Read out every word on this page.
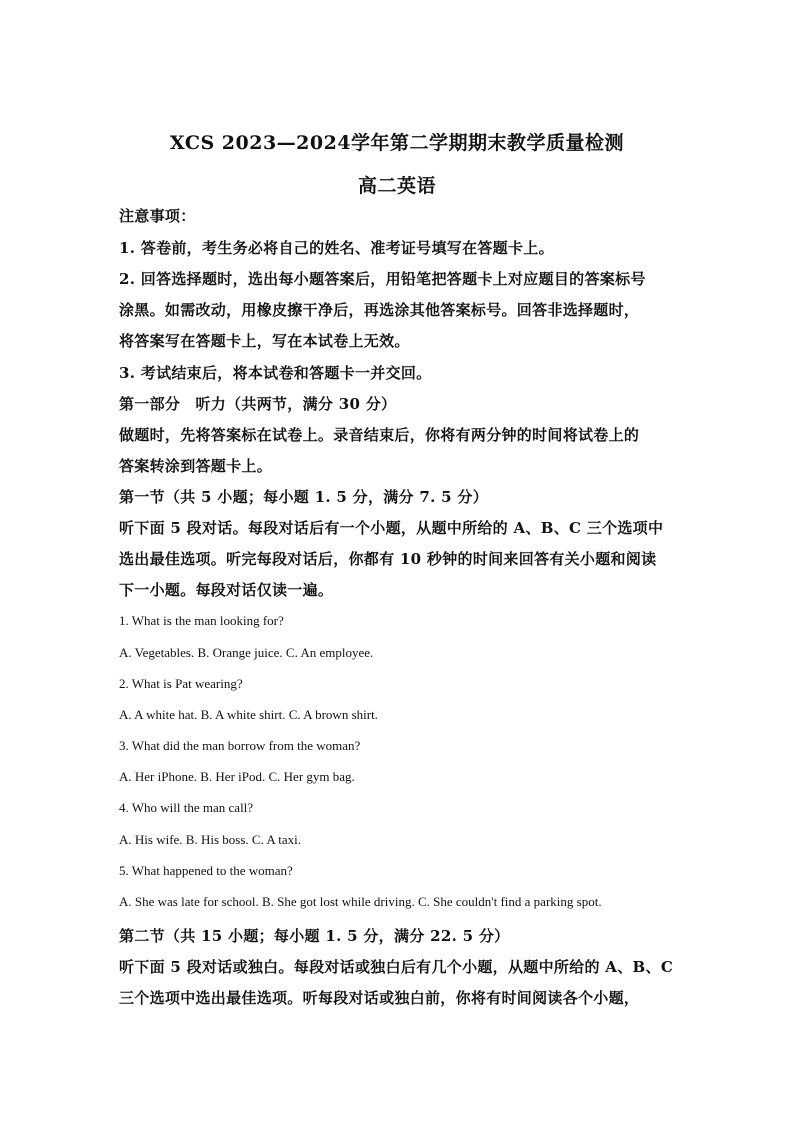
XCS 2023—2024学年第二学期期末教学质量检测
高二英语
注意事项：
1. 答卷前，考生务必将自己的姓名、准考证号填写在答题卡上。
2. 回答选择题时，选出每小题答案后，用铅笔把答题卡上对应题目的答案标号
涂黑。如需改动，用橡皮擦干净后，再选涂其他答案标号。回答非选择题时，
将答案写在答题卡上，写在本试卷上无效。
3. 考试结束后，将本试卷和答题卡一并交回。
第一部分　听力（共两节，满分 30 分）
做题时，先将答案标在试卷上。录音结束后，你将有两分钟的时间将试卷上的
答案转涂到答题卡上。
第一节（共 5 小题；每小题 1. 5 分，满分 7. 5 分）
听下面 5 段对话。每段对话后有一个小题，从题中所给的 A、B、C 三个选项中
选出最佳选项。听完每段对话后，你都有 10 秒钟的时间来回答有关小题和阅读
下一小题。每段对话仅读一遍。
1. What is the man looking for?
A. Vegetables. B. Orange juice. C. An employee.
2. What is Pat wearing?
A. A white hat. B. A white shirt. C. A brown shirt.
3. What did the man borrow from the woman?
A. Her iPhone. B. Her iPod. C. Her gym bag.
4. Who will the man call?
A. His wife. B. His boss. C. A taxi.
5. What happened to the woman?
A. She was late for school. B. She got lost while driving. C. She couldn't find a parking spot.
第二节（共 15 小题；每小题 1. 5 分，满分 22. 5 分）
听下面 5 段对话或独白。每段对话或独白后有几个小题，从题中所给的 A、B、C
三个选项中选出最佳选项。听每段对话或独白前，你将有时间阅读各个小题，
